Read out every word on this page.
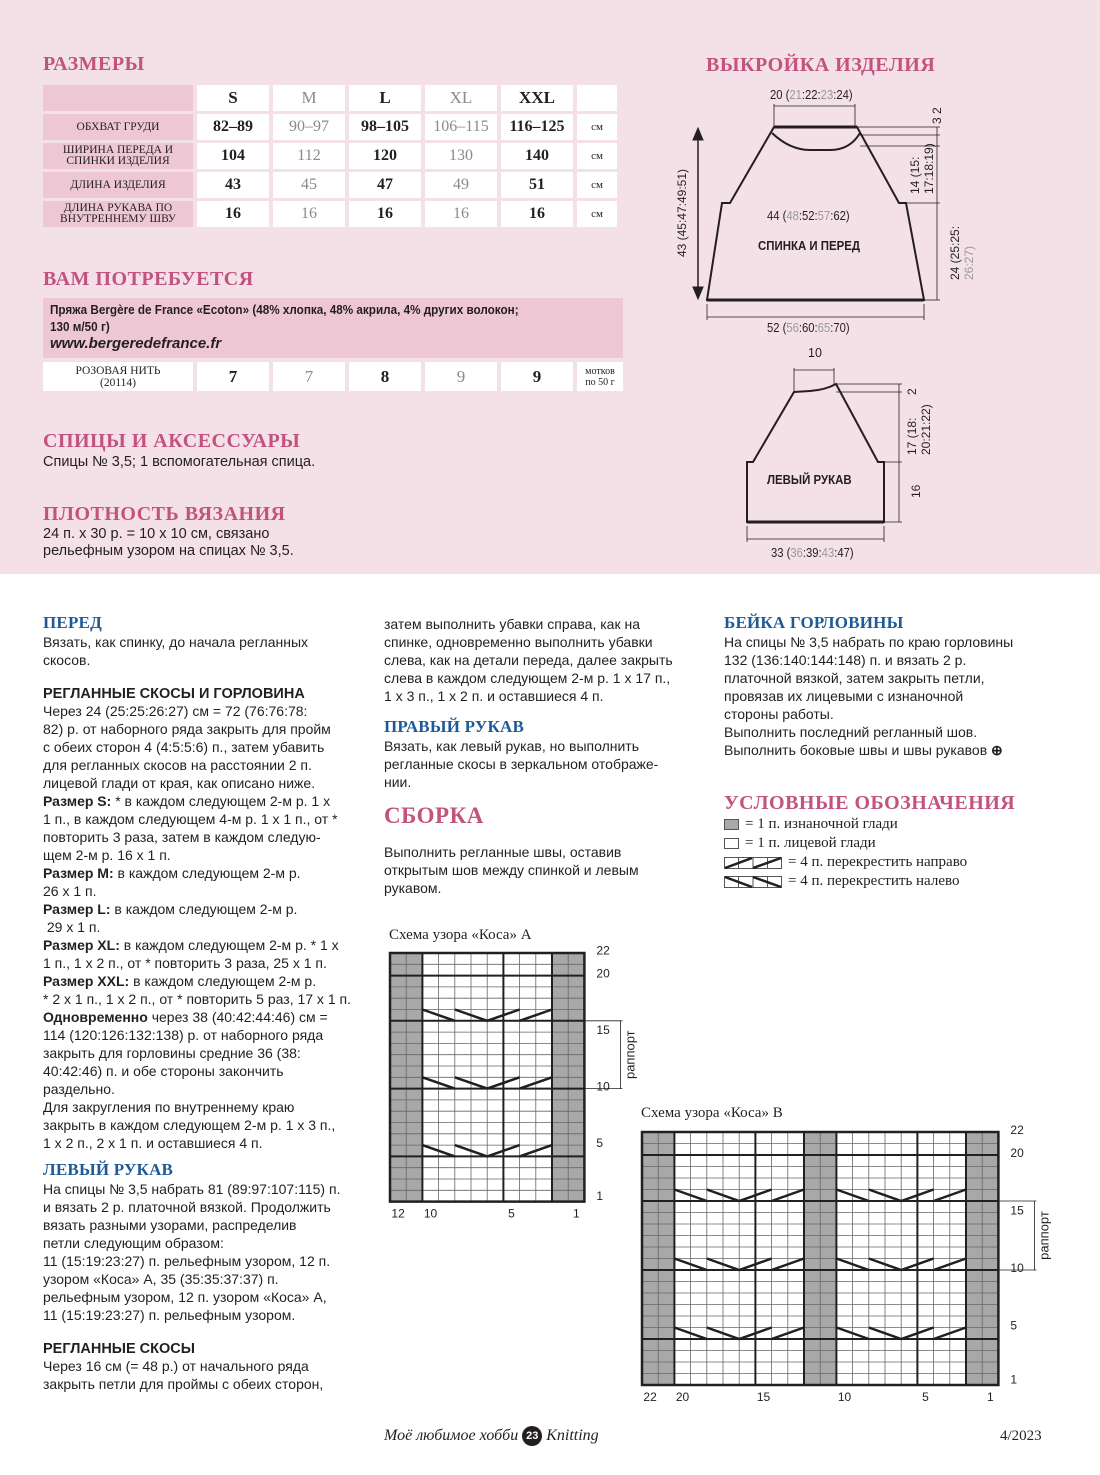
РАЗМЕРЫ
	S	M	L	XL	XXL	
ОБХВАТ ГРУДИ	82–89	90–97	98–105	106–115	116–125	см
ШИРИНА ПЕРЕДА И
СПИНКИ ИЗДЕЛИЯ	104	112	120	130	140	см
ДЛИНА ИЗДЕЛИЯ	43	45	47	49	51	см
ДЛИНА РУКАВА ПО
ВНУТРЕННЕМУ ШВУ	16	16	16	16	16	см
ВАМ ПОТРЕБУЕТСЯ
Пряжа Bergère de France «Ecoton» (48% хлопка, 48% акрила, 4% других волокон;
130 м/50 г)
www.bergeredefrance.fr
РОЗОВАЯ НИТЬ
(20114)	7	7	8	9	9	мотков
по 50 г
СПИЦЫ И АКСЕССУАРЫ
Спицы № 3,5; 1 вспомогательная спица.
ПЛОТНОСТЬ ВЯЗАНИЯ
24 п. х 30 р. = 10 х 10 см, связано
рельефным узором на спицах № 3,5.
ВЫКРОЙКА ИЗДЕЛИЯ
20 (21:22:23:24)
44 (48:52:57:62)
СПИНКА И ПЕРЕД
52 (56:60:65:70)
43 (45:47:49:51)
3 2
14 (15:
17:18:19)
24 (25:25:
26:27)
10
2
17 (18:
20:21:22)
16
ЛЕВЫЙ РУКАВ
33 (36:39:43:47)
ПЕРЕД
Вязать, как спинку, до начала регланных
скосов.
РЕГЛАННЫЕ СКОСЫ И ГОРЛОВИНА
Через 24 (25:25:26:27) см = 72 (76:76:78:
82) р. от наборного ряда закрыть для пройм
с обеих сторон 4 (4:5:5:6) п., затем убавить
для регланных скосов на расстоянии 2 п.
лицевой глади от края, как описано ниже.
Размер S: * в каждом следующем 2-м р. 1 х
1 п., в каждом следующем 4-м р. 1 х 1 п., от *
повторить 3 раза, затем в каждом следую-
щем 2-м р. 16 х 1 п.
Размер M: в каждом следующем 2-м р.
26 х 1 п.
Размер L: в каждом следующем 2-м р.
29 х 1 п.
Размер XL: в каждом следующем 2-м р. * 1 х
1 п., 1 х 2 п., от * повторить 3 раза, 25 х 1 п.
Размер XXL: в каждом следующем 2-м р.
* 2 х 1 п., 1 х 2 п., от * повторить 5 раз, 17 х 1 п.
Одновременно через 38 (40:42:44:46) см =
114 (120:126:132:138) р. от наборного ряда
закрыть для горловины средние 36 (38:
40:42:46) п. и обе стороны закончить
раздельно.
Для закругления по внутреннему краю
закрыть в каждом следующем 2-м р. 1 х 3 п.,
1 х 2 п., 2 х 1 п. и оставшиеся 4 п.
ЛЕВЫЙ РУКАВ
На спицы № 3,5 набрать 81 (89:97:107:115) п.
и вязать 2 р. платочной вязкой. Продолжить
вязать разными узорами, распределив
петли следующим образом:
11 (15:19:23:27) п. рельефным узором, 12 п.
узором «Коса» А, 35 (35:35:37:37) п.
рельефным узором, 12 п. узором «Коса» А,
11 (15:19:23:27) п. рельефным узором.
РЕГЛАННЫЕ СКОСЫ
Через 16 см (= 48 р.) от начального ряда
закрыть петли для проймы с обеих сторон,
затем выполнить убавки справа, как на
спинке, одновременно выполнить убавки
слева, как на детали переда, далее закрыть
слева в каждом следующем 2-м р. 1 х 17 п.,
1 х 3 п., 1 х 2 п. и оставшиеся 4 п.
ПРАВЫЙ РУКАВ
Вязать, как левый рукав, но выполнить
регланные скосы в зеркальном отображе-
нии.
СБОРКА
Выполнить регланные швы, оставив
открытым шов между спинкой и левым
рукавом.
БЕЙКА ГОРЛОВИНЫ
На спицы № 3,5 набрать по краю горловины
132 (136:140:144:148) п. и вязать 2 р.
платочной вязкой, затем закрыть петли,
провязав их лицевыми с изнаночной
стороны работы.
Выполнить последний регланный шов.
Выполнить боковые швы и швы рукавов ⊕
УСЛОВНЫЕ ОБОЗНАЧЕНИЯ
= 1 п. изнаночной глади
= 1 п. лицевой глади
= 4 п. перекрестить направо
= 4 п. перекрестить налево
Схема узора «Коса» А
1
5
10
15
20
22
12 10	5	1
раппорт
Схема узора «Коса» В
1
5
10
15
20
22
22 20	15	10	5	1
раппорт
Моё любимое хобби 23 Knitting	4/2023
